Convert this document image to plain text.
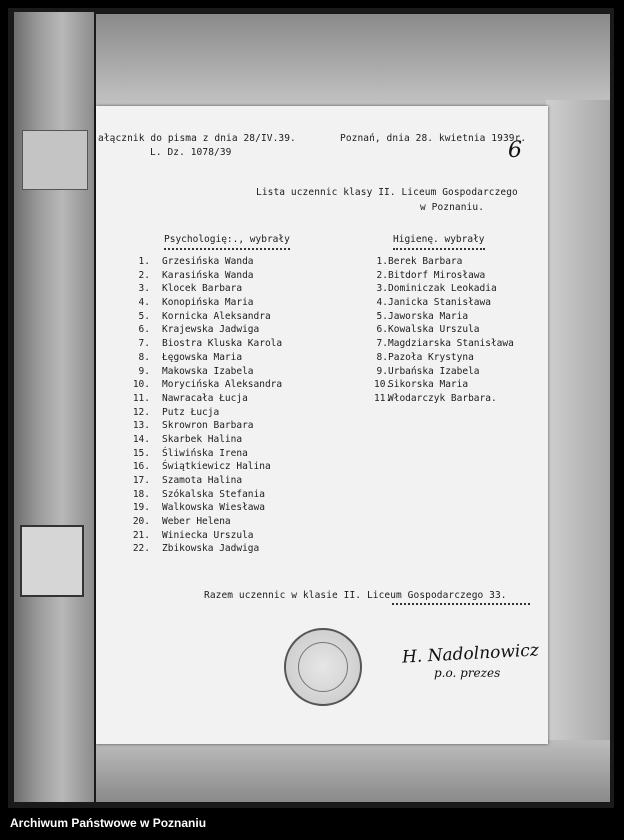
ałącznik do pisma z dnia 28/IV.39.
L. Dz. 1078/39
Poznań, dnia 28. kwietnia 1939r.
6
Lista uczennic klasy II. Liceum Gospodarczego
w Poznaniu.
Psychologię:., wybrały	Higienę. wybrały
1. Grzesińska Wanda
2. Karasińska Wanda
3. Klocek Barbara
4. Konopińska Maria
5. Kornicka Aleksandra
6. Krajewska Jadwiga
7. Biostra Kluska Karola
8. Łęgowska Maria
9. Makowska Izabela
10. Morycińska Aleksandra
11. Nawracała Łucja
12. Putz Łucja
13. Skrowron Barbara
14. Skarbek Halina
15. Śliwińska Irena
16. Świątkiewicz Halina
17. Szamota Halina
18. Szókalska Stefania
19. Walkowska Wiesława
20. Weber Helena
21. Winiecka Urszula
22. Zbikowska Jadwiga
1.Berek Barbara
2.Bitdorf Mirosława
3.Dominiczak Leokadia
4.Janicka Stanisława
5.Jaworska Maria
6.Kowalska Urszula
7.Magdziarska Stanisława
8.Pazoła Krystyna
9.Urbańska Izabela
10.Sikorska Maria
11.Włodarczyk Barbara.
Razem uczennic w klasie II. Liceum Gospodarczego 33.
H. Nadolnowicz
p.o. prezes
Archiwum Państwowe w Poznaniu
